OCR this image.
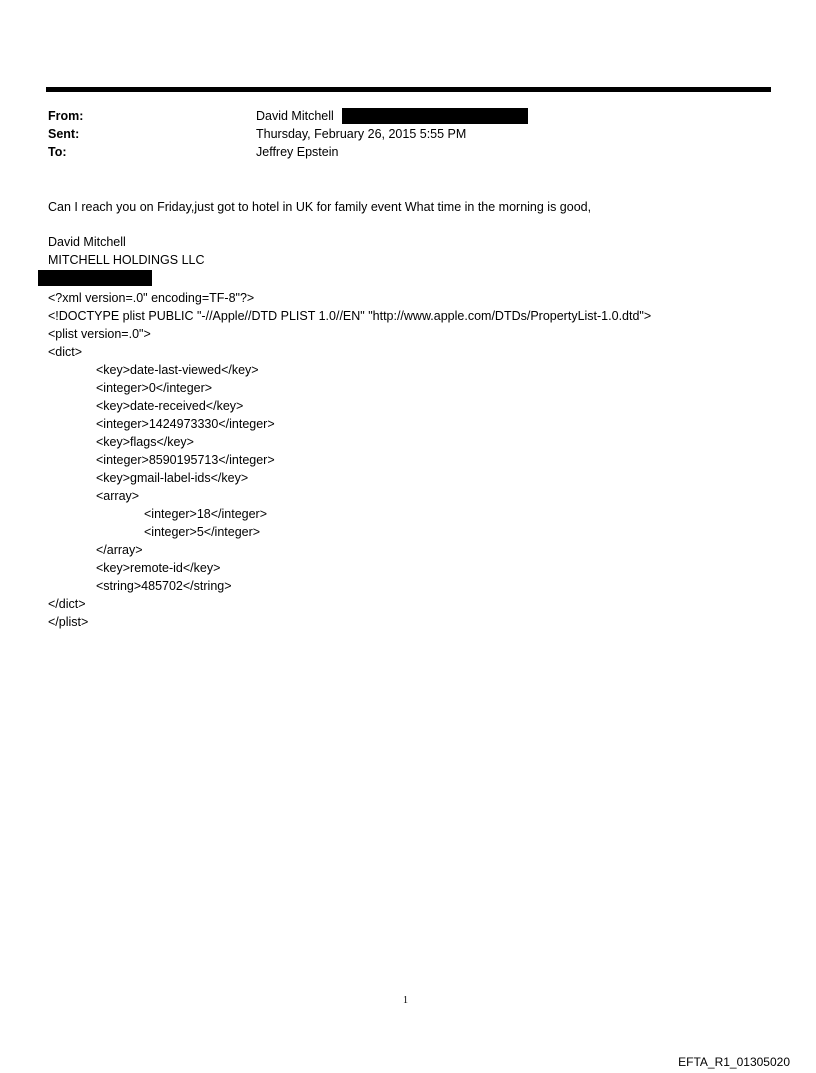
From:	David Mitchell
Sent:	Thursday, February 26, 2015 5:55 PM
To:	Jeffrey Epstein
Can I reach you on Friday,just got to hotel in UK for family event What time in the morning is good,
David Mitchell
MITCHELL HOLDINGS LLC
<?xml version=.0" encoding=TF-8"?>
<!DOCTYPE plist PUBLIC "-//Apple//DTD PLIST 1.0//EN" "http://www.apple.com/DTDs/PropertyList-1.0.dtd">
<plist version=.0">
<dict>
<key>date-last-viewed</key>
<integer>0</integer>
<key>date-received</key>
<integer>1424973330</integer>
<key>flags</key>
<integer>8590195713</integer>
<key>gmail-label-ids</key>
<array>
<integer>18</integer>
<integer>5</integer>
</array>
<key>remote-id</key>
<string>485702</string>
</dict>
</plist>
1
EFTA_R1_01305020
